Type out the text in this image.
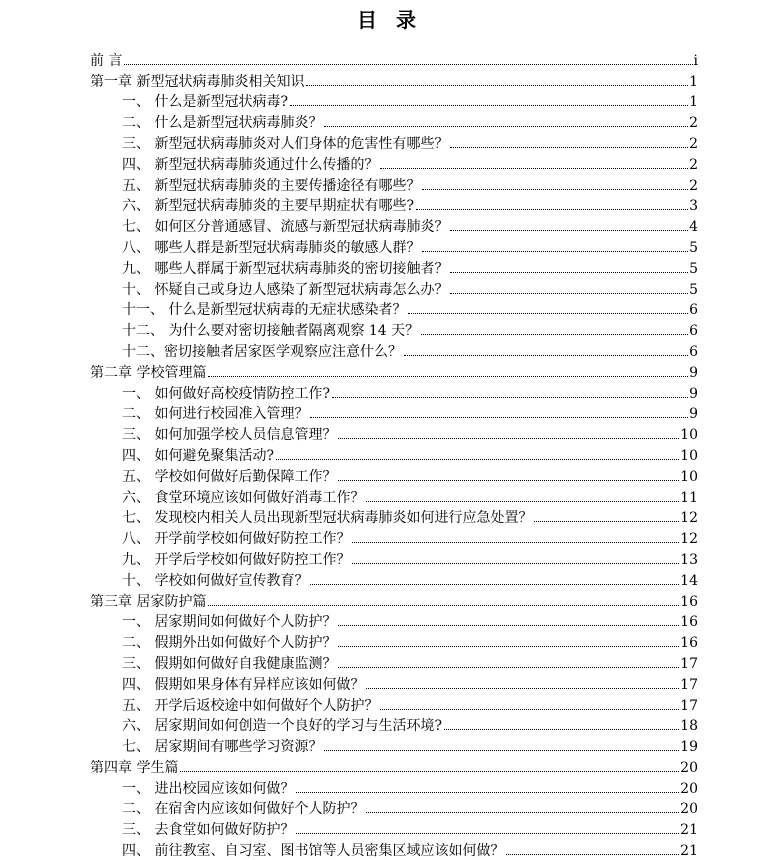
目 录
前 言	i
第一章 新型冠状病毒肺炎相关知识	1
一、 什么是新型冠状病毒?	1
二、 什么是新型冠状病毒肺炎？	2
三、 新型冠状病毒肺炎对人们身体的危害性有哪些？	2
四、 新型冠状病毒肺炎通过什么传播的？	2
五、 新型冠状病毒肺炎的主要传播途径有哪些？	2
六、 新型冠状病毒肺炎的主要早期症状有哪些?	3
七、 如何区分普通感冒、流感与新型冠状病毒肺炎？	4
八、 哪些人群是新型冠状病毒肺炎的敏感人群？	5
九、 哪些人群属于新型冠状病毒肺炎的密切接触者？	5
十、 怀疑自己或身边人感染了新型冠状病毒怎么办？	5
十一、 什么是新型冠状病毒的无症状感染者？	6
十二、 为什么要对密切接触者隔离观察 14 天？	6
十二、密切接触者居家医学观察应注意什么？	6
第二章 学校管理篇	9
一、 如何做好高校疫情防控工作?	9
二、 如何进行校园准入管理？	9
三、 如何加强学校人员信息管理？	10
四、 如何避免聚集活动?	10
五、 学校如何做好后勤保障工作？	10
六、 食堂环境应该如何做好消毒工作？	11
七、 发现校内相关人员出现新型冠状病毒肺炎如何进行应急处置？	12
八、 开学前学校如何做好防控工作？	12
九、 开学后学校如何做好防控工作？	13
十、 学校如何做好宣传教育？	14
第三章 居家防护篇	16
一、 居家期间如何做好个人防护？	16
二、 假期外出如何做好个人防护？	16
三、 假期如何做好自我健康监测？	17
四、 假期如果身体有异样应该如何做？	17
五、 开学后返校途中如何做好个人防护？	17
六、 居家期间如何创造一个良好的学习与生活环境?	18
七、 居家期间有哪些学习资源？	19
第四章 学生篇	20
一、 进出校园应该如何做？	20
二、 在宿舍内应该如何做好个人防护？	20
三、 去食堂如何做好防护？	21
四、 前往教室、自习室、图书馆等人员密集区域应该如何做？	21
